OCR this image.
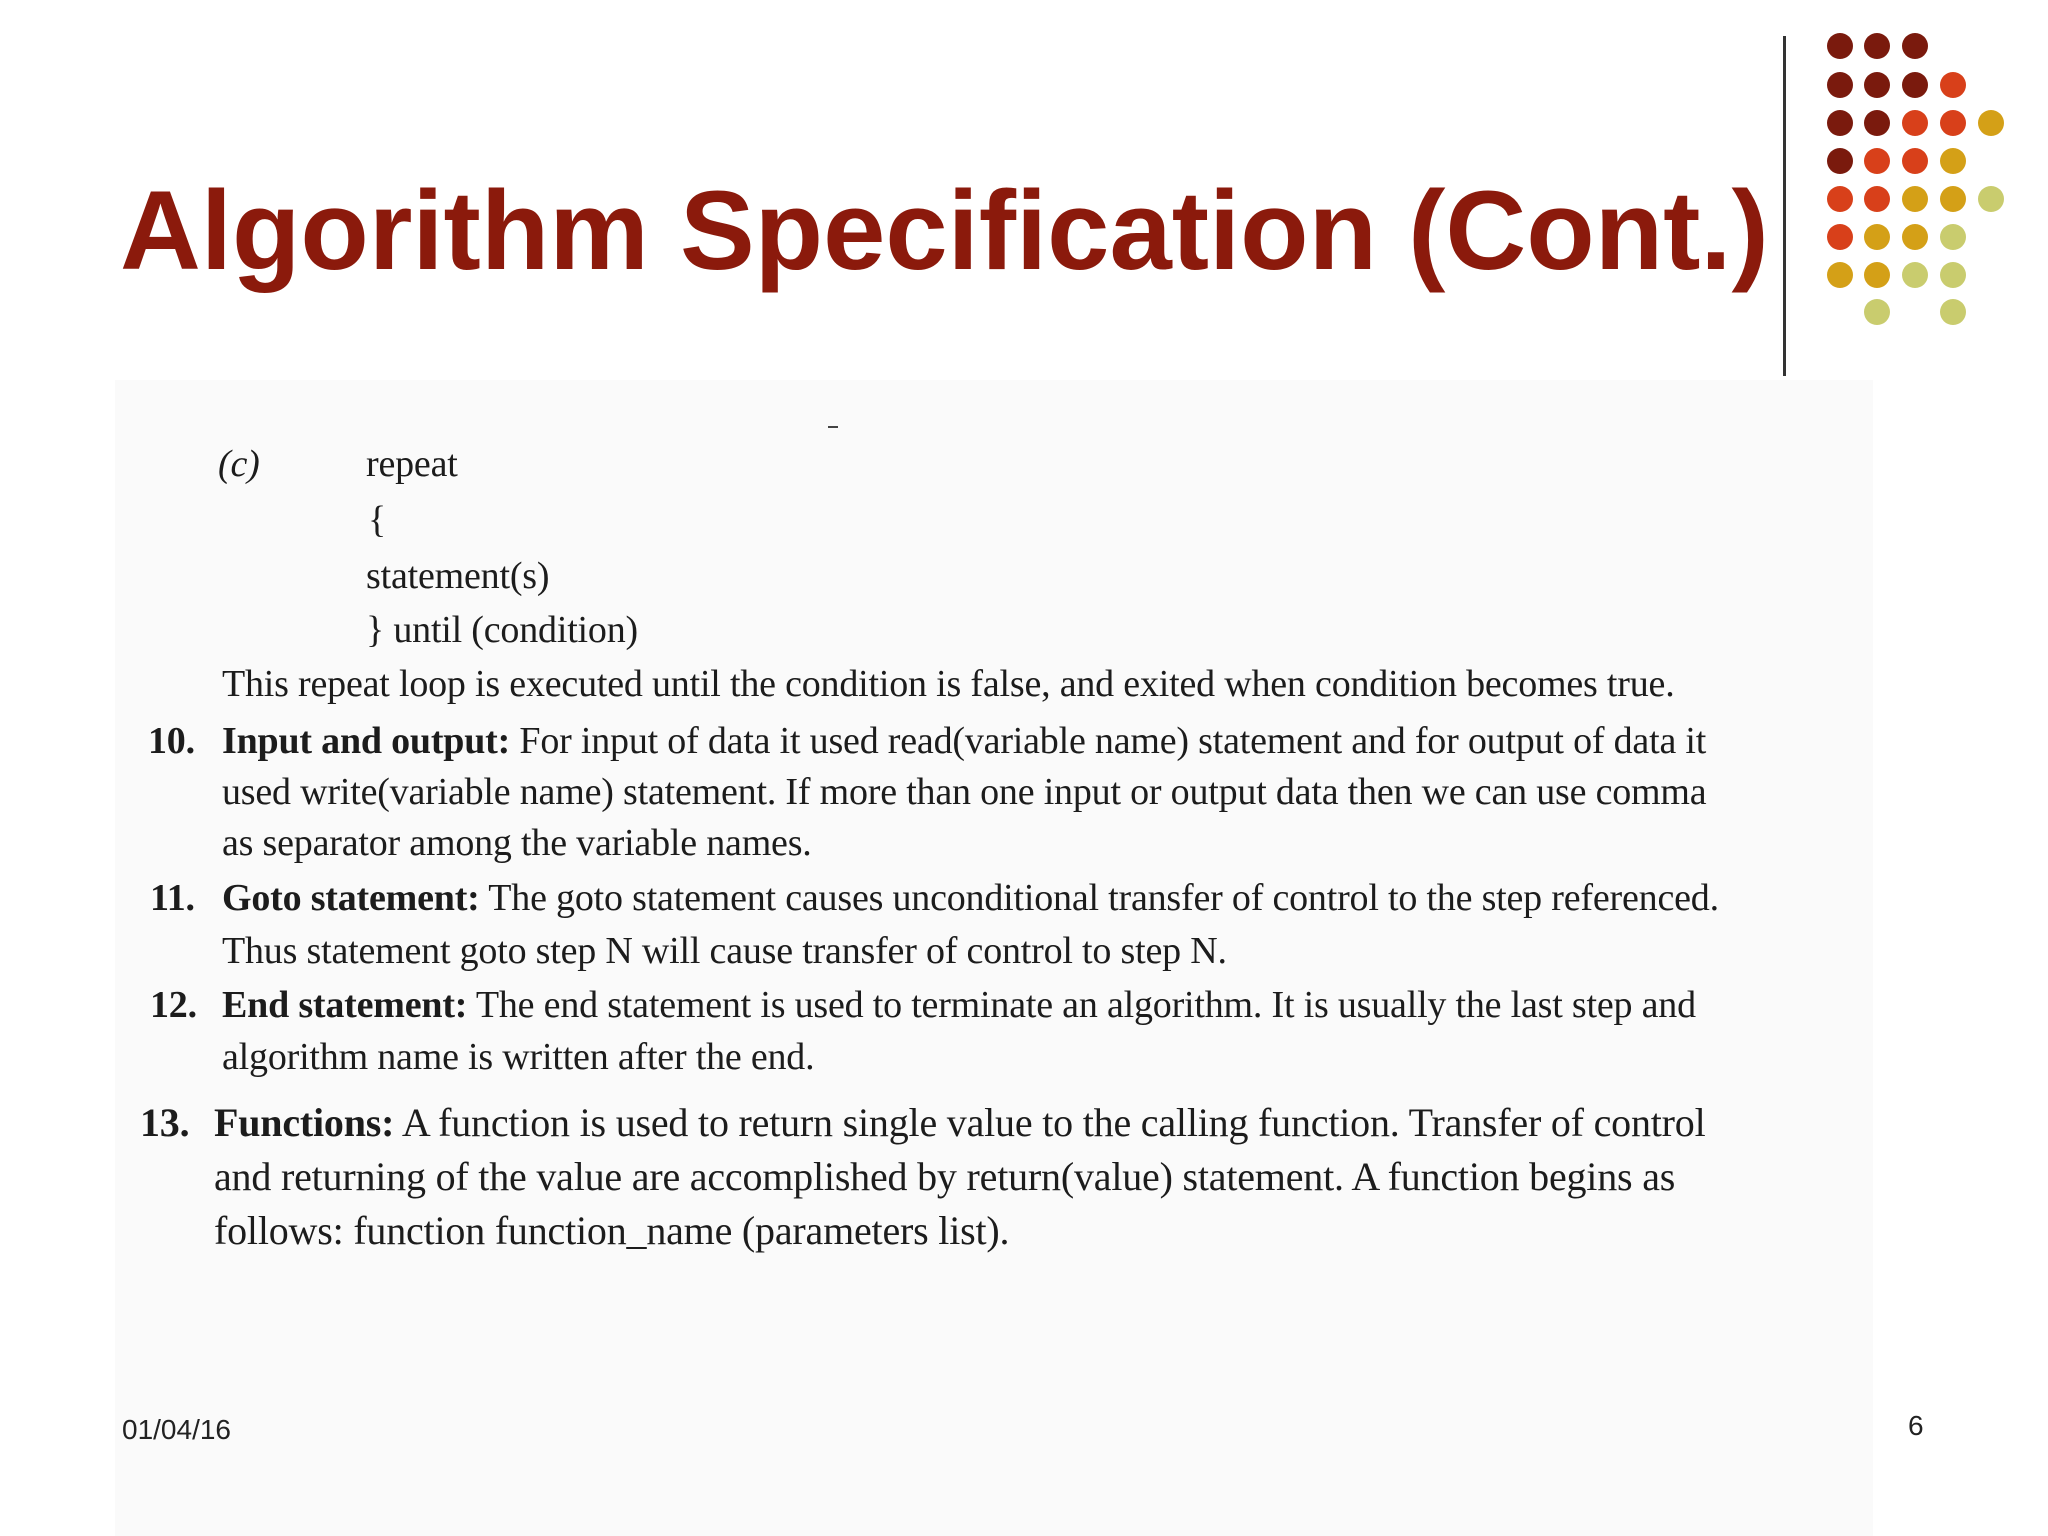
Algorithm Specification (Cont.)
(c)	repeat
{
statement(s)
} until (condition)
This repeat loop is executed until the condition is false, and exited when condition becomes true.
10. Input and output: For input of data it used read(variable name) statement and for output of data it
used write(variable name) statement. If more than one input or output data then we can use comma
as separator among the variable names.
11. Goto statement: The goto statement causes unconditional transfer of control to the step referenced.
Thus statement goto step N will cause transfer of control to step N.
12. End statement: The end statement is used to terminate an algorithm. It is usually the last step and
algorithm name is written after the end.
13. Functions: A function is used to return single value to the calling function. Transfer of control
and returning of the value are accomplished by return(value) statement. A function begins as
follows: function function_name (parameters list).
01/04/16	6
